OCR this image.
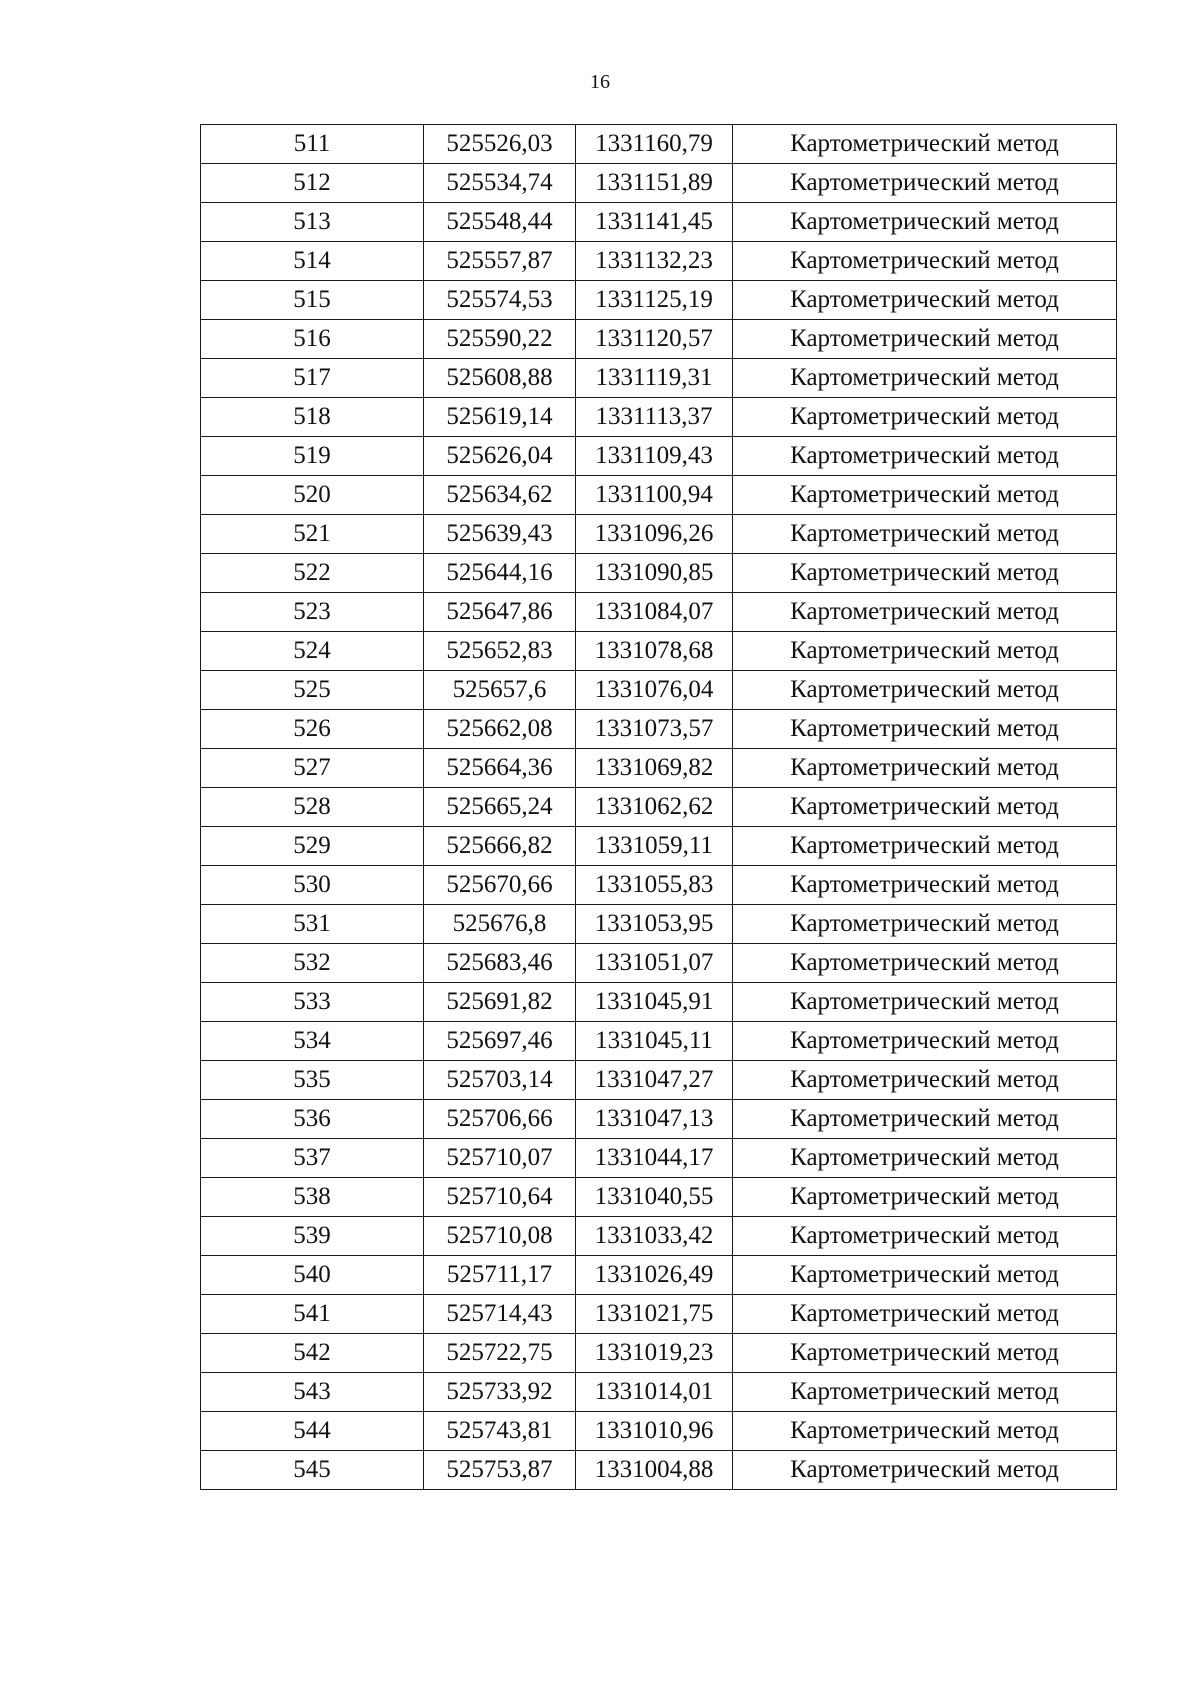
16
511	525526,03	1331160,79	Картометрический метод
512	525534,74	1331151,89	Картометрический метод
513	525548,44	1331141,45	Картометрический метод
514	525557,87	1331132,23	Картометрический метод
515	525574,53	1331125,19	Картометрический метод
516	525590,22	1331120,57	Картометрический метод
517	525608,88	1331119,31	Картометрический метод
518	525619,14	1331113,37	Картометрический метод
519	525626,04	1331109,43	Картометрический метод
520	525634,62	1331100,94	Картометрический метод
521	525639,43	1331096,26	Картометрический метод
522	525644,16	1331090,85	Картометрический метод
523	525647,86	1331084,07	Картометрический метод
524	525652,83	1331078,68	Картометрический метод
525	525657,6	1331076,04	Картометрический метод
526	525662,08	1331073,57	Картометрический метод
527	525664,36	1331069,82	Картометрический метод
528	525665,24	1331062,62	Картометрический метод
529	525666,82	1331059,11	Картометрический метод
530	525670,66	1331055,83	Картометрический метод
531	525676,8	1331053,95	Картометрический метод
532	525683,46	1331051,07	Картометрический метод
533	525691,82	1331045,91	Картометрический метод
534	525697,46	1331045,11	Картометрический метод
535	525703,14	1331047,27	Картометрический метод
536	525706,66	1331047,13	Картометрический метод
537	525710,07	1331044,17	Картометрический метод
538	525710,64	1331040,55	Картометрический метод
539	525710,08	1331033,42	Картометрический метод
540	525711,17	1331026,49	Картометрический метод
541	525714,43	1331021,75	Картометрический метод
542	525722,75	1331019,23	Картометрический метод
543	525733,92	1331014,01	Картометрический метод
544	525743,81	1331010,96	Картометрический метод
545	525753,87	1331004,88	Картометрический метод
